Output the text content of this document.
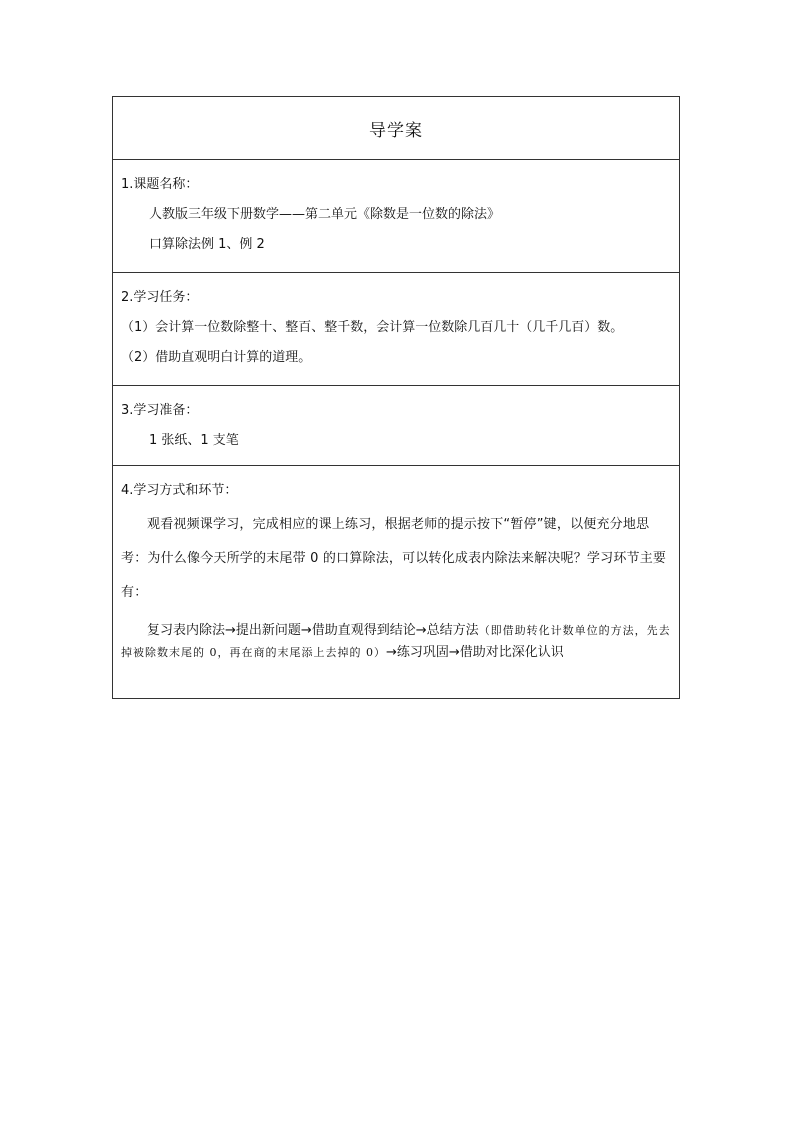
导学案
1.课题名称：
人教版三年级下册数学——第二单元《除数是一位数的除法》
口算除法例 1、例 2
2.学习任务：
（1）会计算一位数除整十、整百、整千数，会计算一位数除几百几十（几千几百）数。
（2）借助直观明白计算的道理。
3.学习准备：
1 张纸、1 支笔
4.学习方式和环节：

观看视频课学习，完成相应的课上练习，根据老师的提示按下“暂停”键，以便充分地思考：为什么像今天所学的末尾带 0 的口算除法，可以转化成表内除法来解决呢？学习环节主要有：

复习表内除法→提出新问题→借助直观得到结论→总结方法（即借助转化计数单位的方法，先去掉被除数末尾的 0，再在商的末尾添上去掉的 0）→练习巩固→借助对比深化认识
